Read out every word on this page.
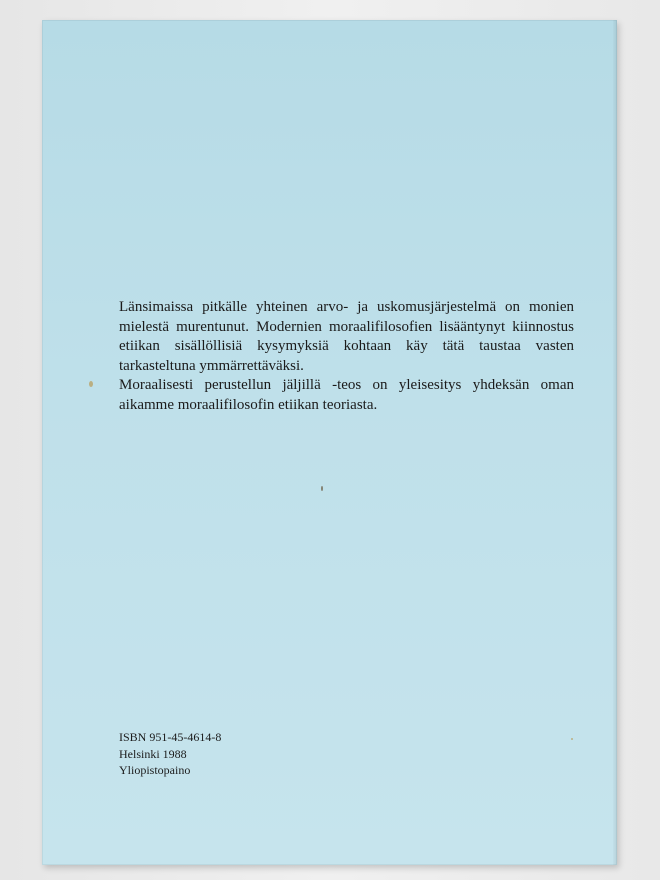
Länsimaissa pitkälle yhteinen arvo- ja uskomusjärjestelmä on monien mielestä murentunut. Modernien moraalifilosofien lisääntynyt kiinnostus etiikan sisällöllisiä kysymyksiä kohtaan käy tätä taustaa vasten tarkasteltuna ymmärrettäväksi.

Moraalisesti perustellun jäljillä -teos on yleisesitys yhdeksän oman aikamme moraalifilosofin etiikan teoriasta.

ISBN 951-45-4614-8
Helsinki 1988
Yliopistopaino
